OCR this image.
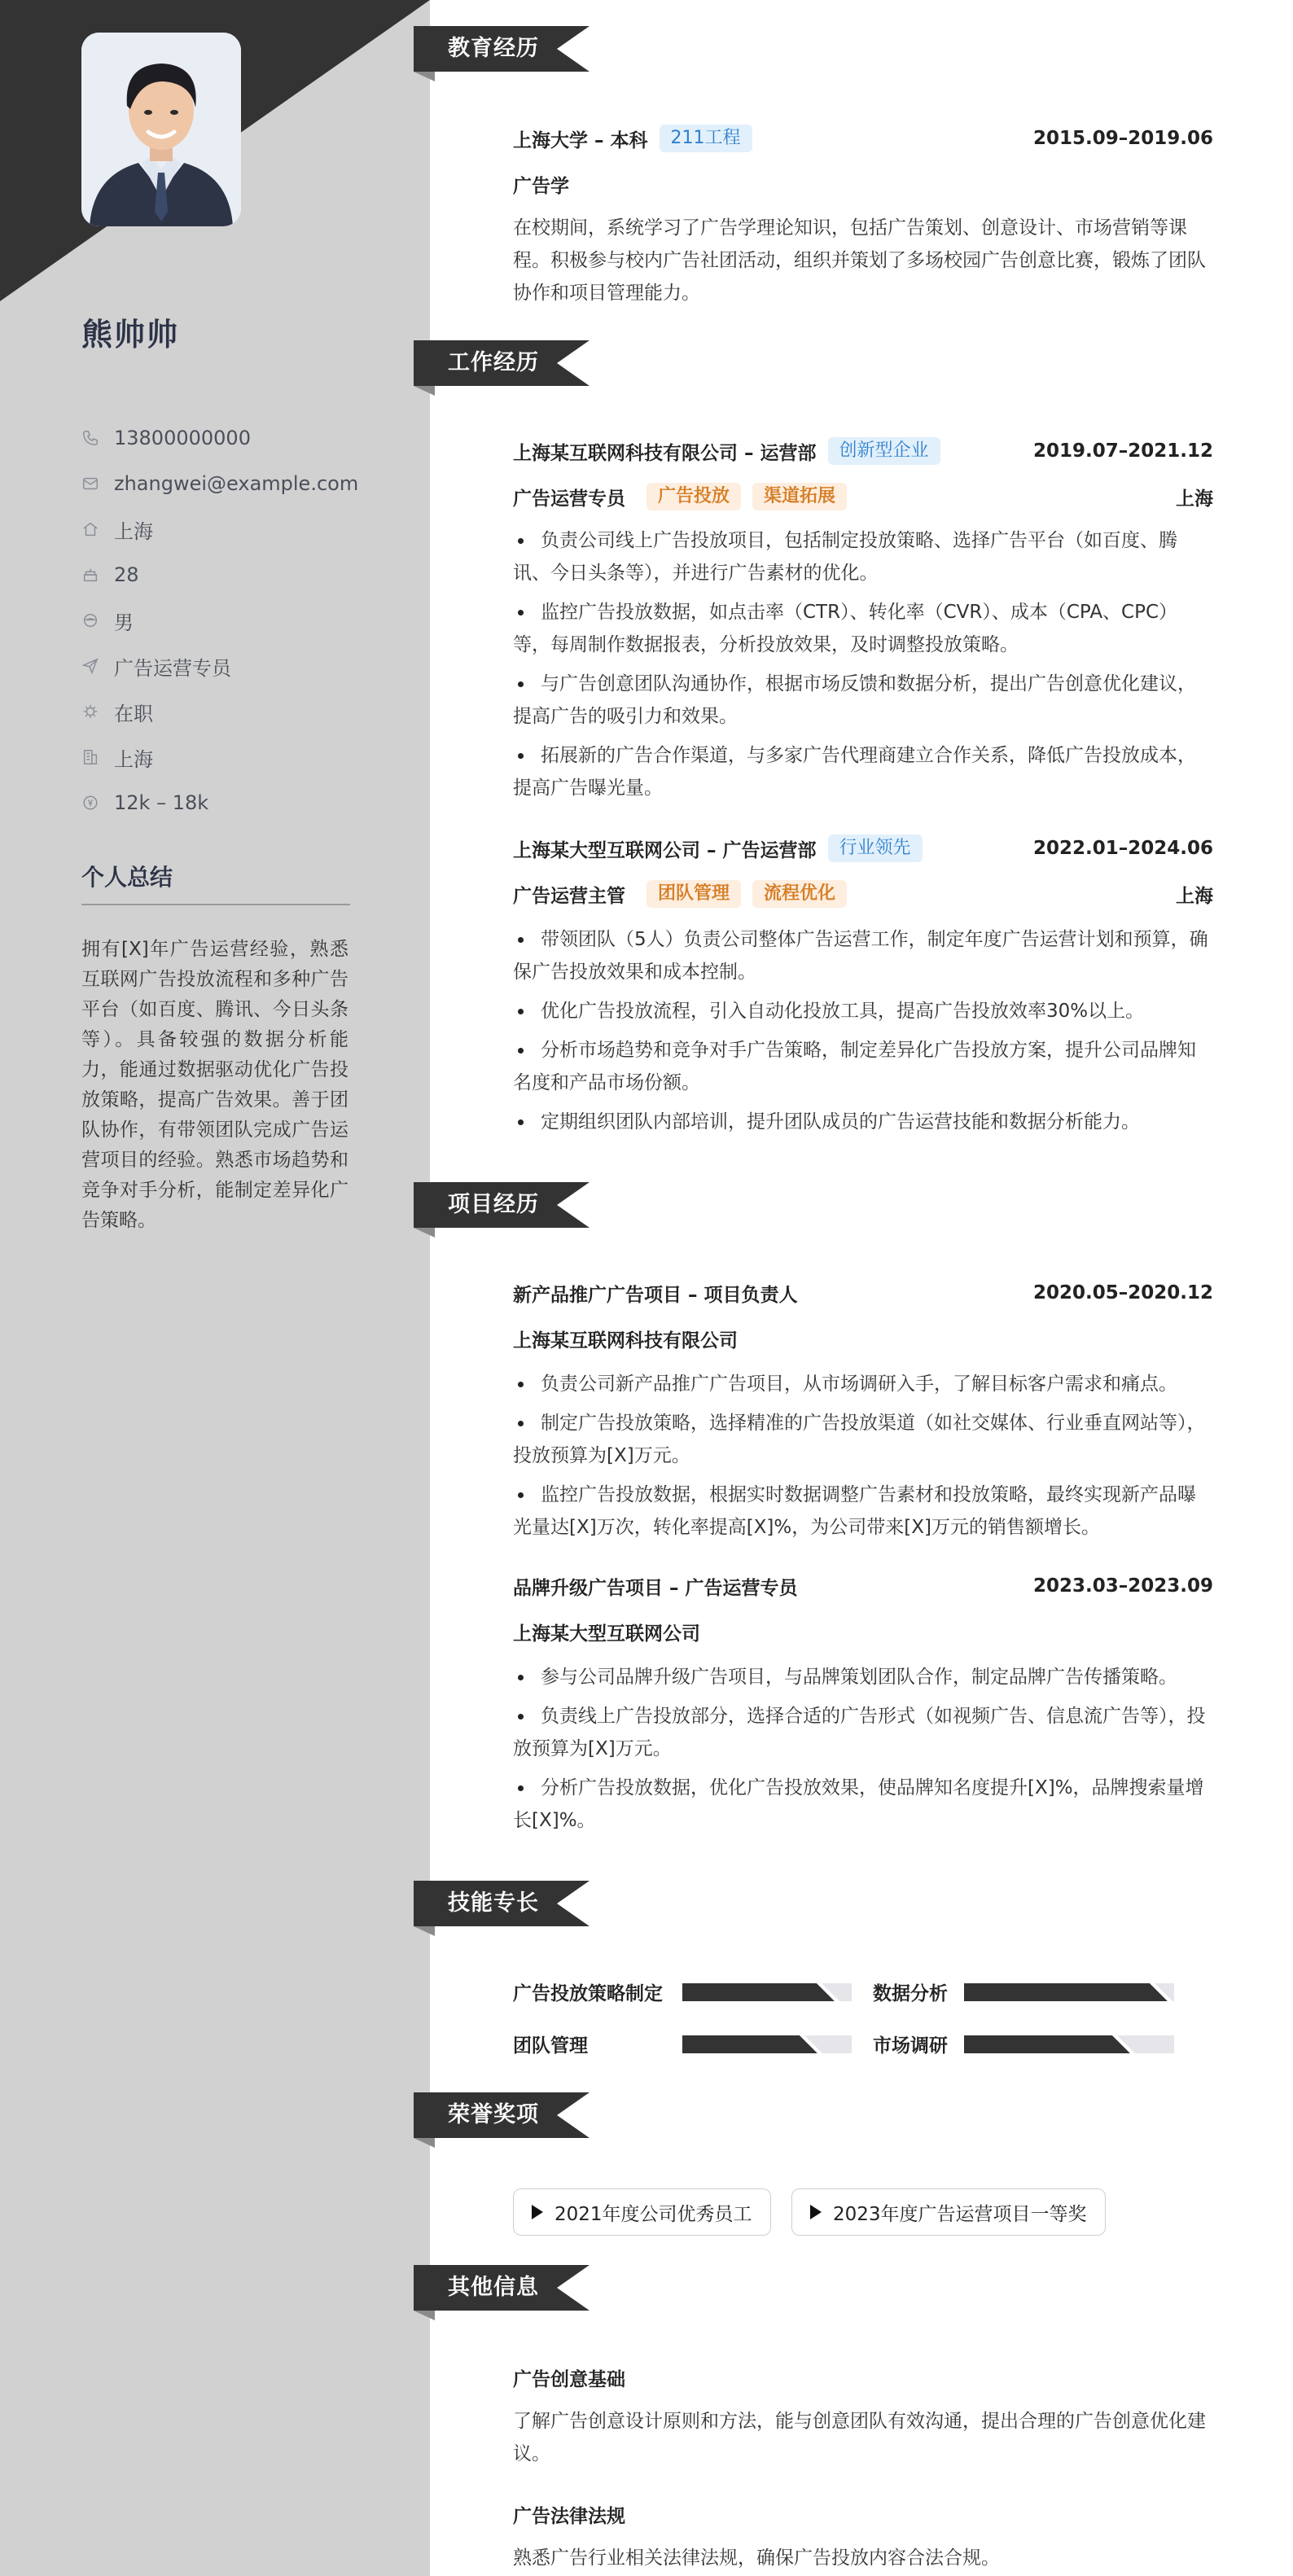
熊帅帅
13800000000
zhangwei@example.com
上海
28
男
广告运营专员
在职
上海
12k – 18k
个人总结

拥有[X]年广告运营经验，熟悉互联网广告投放流程和多种广告平台（如百度、腾讯、今日头条等）。具备较强的数据分析能力，能通过数据驱动优化广告投放策略，提高广告效果。善于团队协作，有带领团队完成广告运营项目的经验。熟悉市场趋势和竞争对手分析，能制定差异化广告策略。

教育经历
上海大学 – 本科	211工程	2015.09–2019.06
广告学

在校期间，系统学习了广告学理论知识，包括广告策划、创意设计、市场营销等课程。积极参与校内广告社团活动，组织并策划了多场校园广告创意比赛，锻炼了团队协作和项目管理能力。

工作经历
上海某互联网科技有限公司 – 运营部	创新型企业	2019.07–2021.12
广告运营专员	广告投放	渠道拓展	上海
负责公司线上广告投放项目，包括制定投放策略、选择广告平台（如百度、腾讯、今日头条等），并进行广告素材的优化。
监控广告投放数据，如点击率（CTR）、转化率（CVR）、成本（CPA、CPC）等，每周制作数据报表，分析投放效果，及时调整投放策略。
与广告创意团队沟通协作，根据市场反馈和数据分析，提出广告创意优化建议，提高广告的吸引力和效果。
拓展新的广告合作渠道，与多家广告代理商建立合作关系，降低广告投放成本，提高广告曝光量。
上海某大型互联网公司 – 广告运营部	行业领先	2022.01–2024.06
广告运营主管	团队管理	流程优化	上海
带领团队（5人）负责公司整体广告运营工作，制定年度广告运营计划和预算，确保广告投放效果和成本控制。
优化广告投放流程，引入自动化投放工具，提高广告投放效率30%以上。
分析市场趋势和竞争对手广告策略，制定差异化广告投放方案，提升公司品牌知名度和产品市场份额。
定期组织团队内部培训，提升团队成员的广告运营技能和数据分析能力。
项目经历
新产品推广广告项目 – 项目负责人	2020.05–2020.12
上海某互联网科技有限公司
负责公司新产品推广广告项目，从市场调研入手，了解目标客户需求和痛点。
制定广告投放策略，选择精准的广告投放渠道（如社交媒体、行业垂直网站等），投放预算为[X]万元。
监控广告投放数据，根据实时数据调整广告素材和投放策略，最终实现新产品曝光量达[X]万次，转化率提高[X]%，为公司带来[X]万元的销售额增长。
品牌升级广告项目 – 广告运营专员	2023.03–2023.09
上海某大型互联网公司
参与公司品牌升级广告项目，与品牌策划团队合作，制定品牌广告传播策略。
负责线上广告投放部分，选择合适的广告形式（如视频广告、信息流广告等），投放预算为[X]万元。
分析广告投放数据，优化广告投放效果，使品牌知名度提升[X]%，品牌搜索量增长[X]%。
技能专长
广告投放策略制定	数据分析
团队管理	市场调研
荣誉奖项
2021年度公司优秀员工	2023年度广告运营项目一等奖
其他信息
广告创意基础

了解广告创意设计原则和方法，能与创意团队有效沟通，提出合理的广告创意优化建议。

广告法律法规

熟悉广告行业相关法律法规，确保广告投放内容合法合规。
